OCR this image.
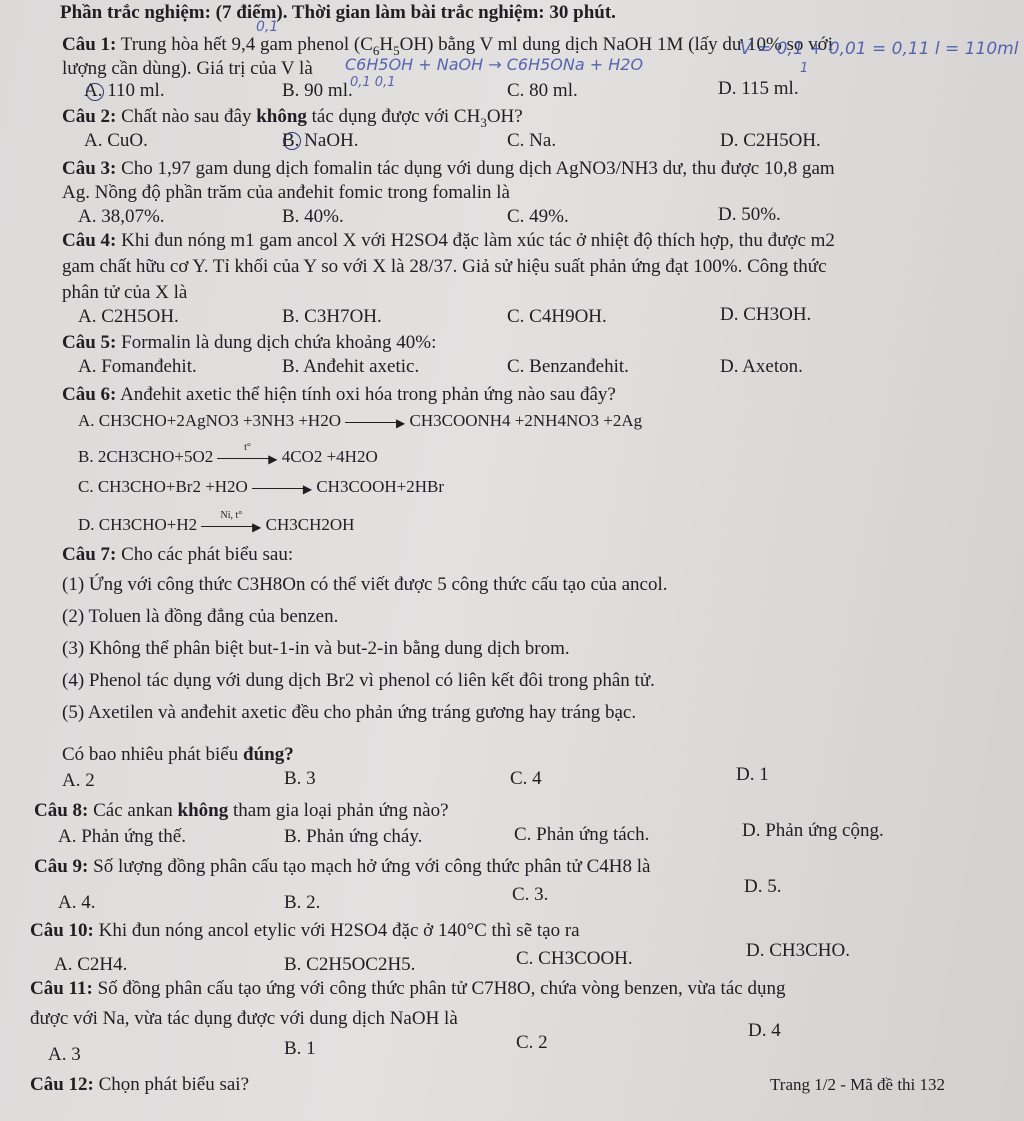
Phần trắc nghiệm: (7 điểm). Thời gian làm bài trắc nghiệm: 30 phút.
0,1
Câu 1: Trung hòa hết 9,4 gam phenol $(C_6H_5OH)$ bằng V ml dung dịch NaOH 1M (lấy dư 10% so với
lượng cần dùng). Giá trị của V là C6H5OH + NaOH → C6H5ONa + H2O
0,1 0,1
V = 0,1 + 0,01 = 0,11 l = 110ml
1
A. 110 ml.	B. 90 ml.	C. 80 ml.	D. 115 ml.
Câu 2: Chất nào sau đây không tác dụng được với $CH_3OH$?
A. CuO.	B. NaOH.	C. Na.	D. C2H5OH.
Câu 3: Cho 1,97 gam dung dịch fomalin tác dụng với dung dịch AgNO3/NH3 dư, thu được 10,8 gam
Ag. Nồng độ phần trăm của anđehit fomic trong fomalin là
A. 38,07%.	B. 40%.	C. 49%.	D. 50%.
Câu 4: Khi đun nóng m1 gam ancol X với H2SO4 đặc làm xúc tác ở nhiệt độ thích hợp, thu được m2
gam chất hữu cơ Y. Tỉ khối của Y so với X là 28/37. Giả sử hiệu suất phản ứng đạt 100%. Công thức
phân tử của X là
A. C2H5OH.	B. C3H7OH.	C. C4H9OH.	D. CH3OH.
Câu 5: Formalin là dung dịch chứa khoảng 40%:
A. Fomanđehit.	B. Anđehit axetic.	C. Benzanđehit.	D. Axeton.
Câu 6: Anđehit axetic thể hiện tính oxi hóa trong phản ứng nào sau đây?
A. CH3CHO+2AgNO3 +3NH3 +H2O	▶ CH3COONH4 +2NH4NO3 +2Ag
B. 2CH3CHO+5O2	t°
▶ 4CO2 +4H2O
C. CH3CHO+Br2 +H2O	▶ CH3COOH+2HBr
D. CH3CHO+H2	Ni, t°
▶ CH3CH2OH
Câu 7: Cho các phát biểu sau:
(1) Ứng với công thức C3H8On có thể viết được 5 công thức cấu tạo của ancol.
(2) Toluen là đồng đẳng của benzen.
(3) Không thể phân biệt but-1-in và but-2-in bằng dung dịch brom.
(4) Phenol tác dụng với dung dịch Br2 vì phenol có liên kết đôi trong phân tử.
(5) Axetilen và anđehit axetic đều cho phản ứng tráng gương hay tráng bạc.
Có bao nhiêu phát biểu đúng?
A. 2	B. 3	C. 4	D. 1
Câu 8: Các ankan không tham gia loại phản ứng nào?
A. Phản ứng thế.	B. Phản ứng cháy.	C. Phản ứng tách.	D. Phản ứng cộng.
Câu 9: Số lượng đồng phân cấu tạo mạch hở ứng với công thức phân tử C4H8 là
A. 4.	B. 2.	C. 3.	D. 5.
Câu 10: Khi đun nóng ancol etylic với H2SO4 đặc ở 140°C thì sẽ tạo ra
A. C2H4.	B. C2H5OC2H5.	C. CH3COOH.	D. CH3CHO.
Câu 11: Số đồng phân cấu tạo ứng với công thức phân tử C7H8O, chứa vòng benzen, vừa tác dụng
được với Na, vừa tác dụng được với dung dịch NaOH là
A. 3	B. 1	C. 2
D. 4
Câu 12: Chọn phát biểu sai?	Trang 1/2 - Mã đề thi 132
